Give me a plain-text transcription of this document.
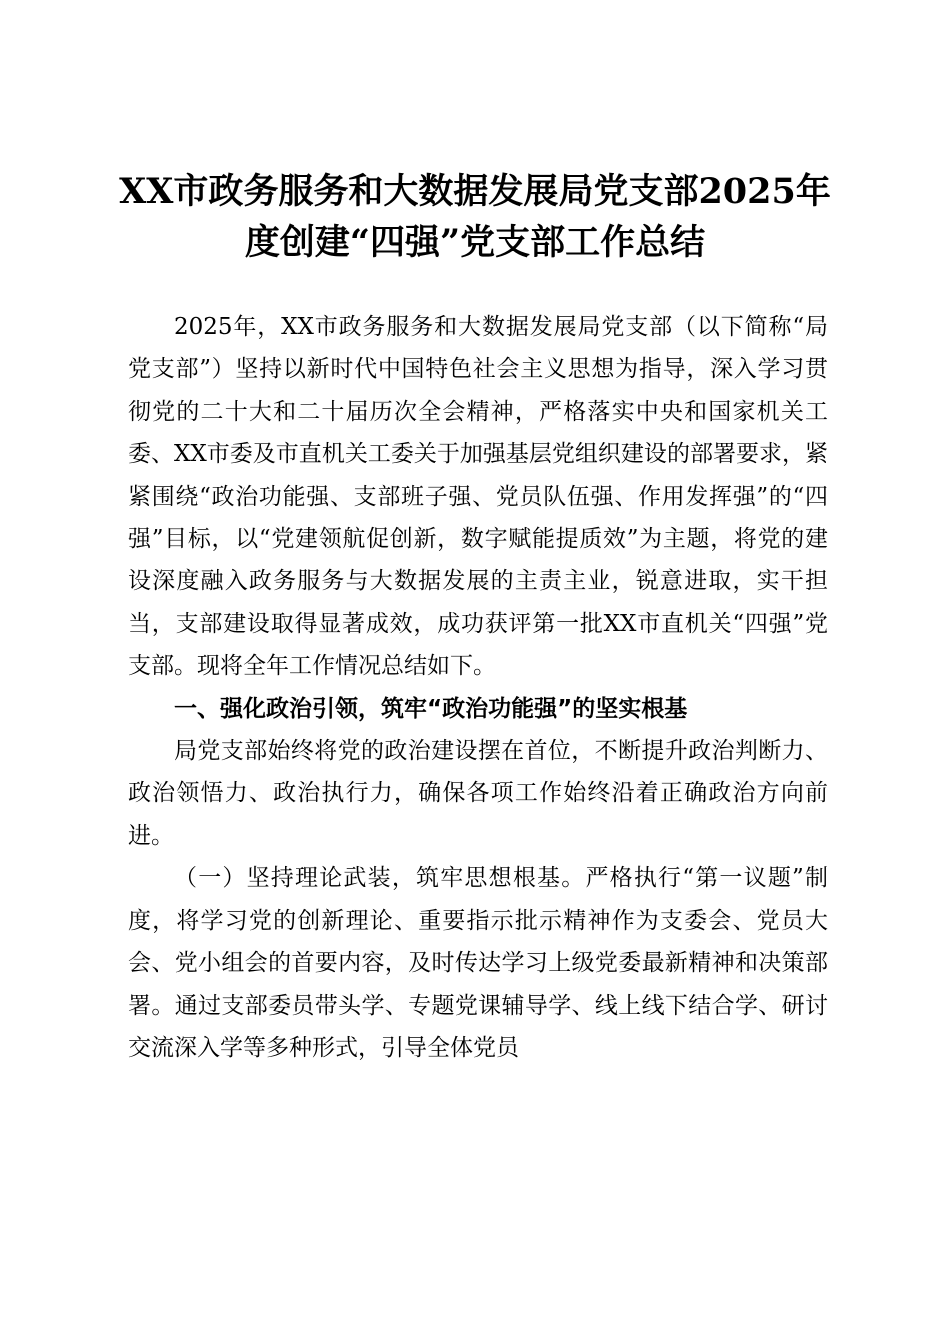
XX市政务服务和大数据发展局党支部2025年
度创建“四强”党支部工作总结

2025年，XX市政务服务和大数据发展局党支部（以下简称“局党支部”）坚持以新时代中国特色社会主义思想为指导，深入学习贯彻党的二十大和二十届历次全会精神，严格落实中央和国家机关工委、XX市委及市直机关工委关于加强基层党组织建设的部署要求，紧紧围绕“政治功能强、支部班子强、党员队伍强、作用发挥强”的“四强”目标，以“党建领航促创新，数字赋能提质效”为主题，将党的建设深度融入政务服务与大数据发展的主责主业，锐意进取，实干担当，支部建设取得显著成效，成功获评第一批XX市直机关“四强”党支部。现将全年工作情况总结如下。

一、强化政治引领，筑牢“政治功能强”的坚实根基

局党支部始终将党的政治建设摆在首位，不断提升政治判断力、政治领悟力、政治执行力，确保各项工作始终沿着正确政治方向前进。

（一）坚持理论武装，筑牢思想根基。严格执行“第一议题”制度，将学习党的创新理论、重要指示批示精神作为支委会、党员大会、党小组会的首要内容，及时传达学习上级党委最新精神和决策部署。通过支部委员带头学、专题党课辅导学、线上线下结合学、研讨交流深入学等多种形式，引导全体党员
